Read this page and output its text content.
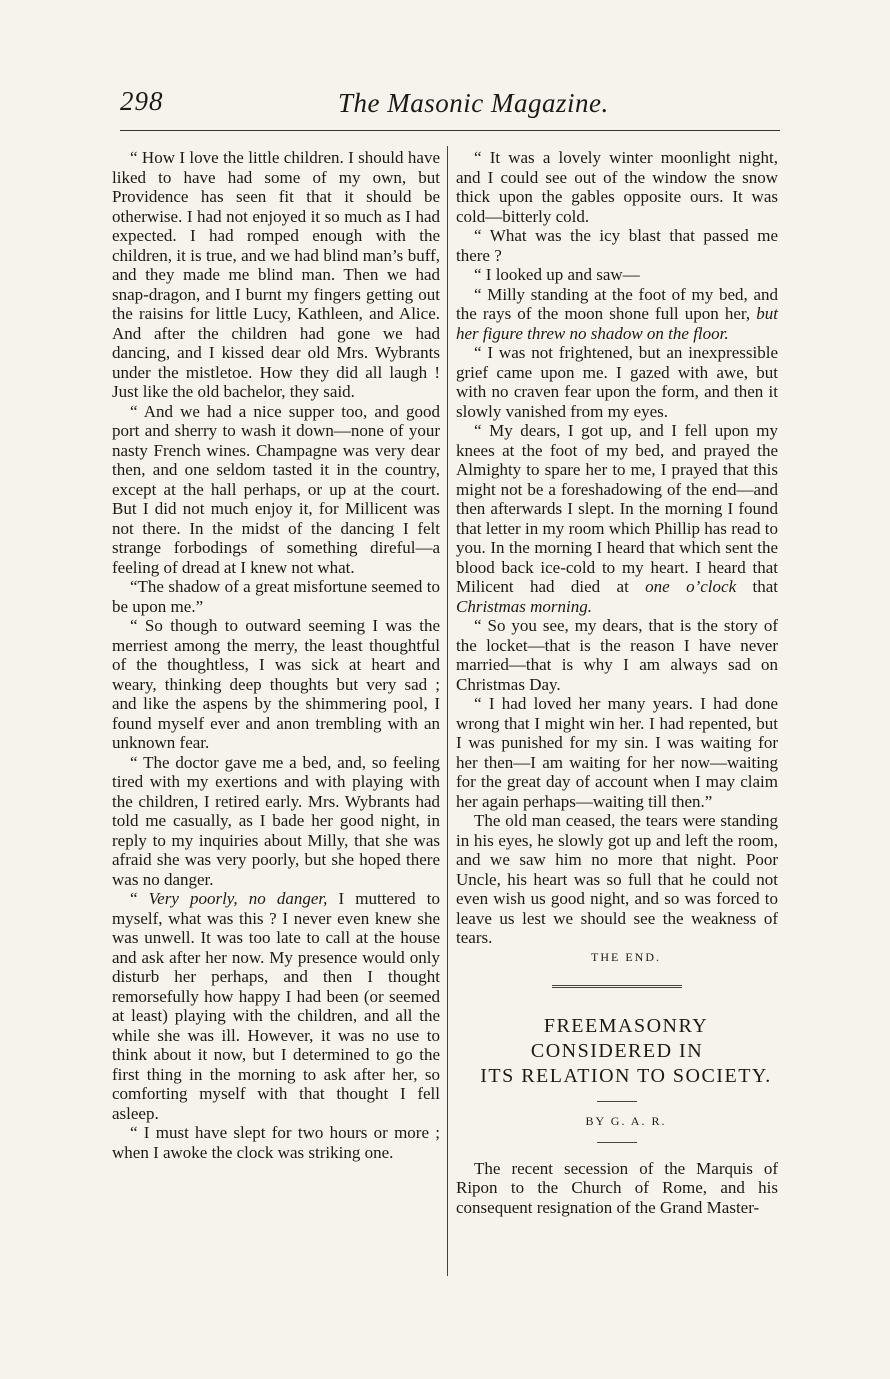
298	The Masonic Magazine.

“ How I love the little children. I should have liked to have had some of my own, but Providence has seen fit that it should be otherwise. I had not enjoyed it so much as I had expected. I had romped enough with the children, it is true, and we had blind man’s buff, and they made me blind man. Then we had snap-dragon, and I burnt my fingers getting out the raisins for little Lucy, Kathleen, and Alice. And after the children had gone we had dancing, and I kissed dear old Mrs. Wybrants under the mistletoe. How they did all laugh ! Just like the old bachelor, they said.

“ And we had a nice supper too, and good port and sherry to wash it down—none of your nasty French wines. Champagne was very dear then, and one seldom tasted it in the country, except at the hall perhaps, or up at the court. But I did not much enjoy it, for Millicent was not there. In the midst of the dancing I felt strange forbodings of something direful—a feeling of dread at I knew not what.

“The shadow of a great misfortune seemed to be upon me.”

“ So though to outward seeming I was the merriest among the merry, the least thoughtful of the thoughtless, I was sick at heart and weary, thinking deep thoughts but very sad ; and like the aspens by the shimmering pool, I found myself ever and anon trembling with an unknown fear.

“ The doctor gave me a bed, and, so feeling tired with my exertions and with playing with the children, I retired early. Mrs. Wybrants had told me casually, as I bade her good night, in reply to my inquiries about Milly, that she was afraid she was very poorly, but she hoped there was no danger.

“ Very poorly, no danger, I muttered to myself, what was this ? I never even knew she was unwell. It was too late to call at the house and ask after her now. My presence would only disturb her perhaps, and then I thought remorsefully how happy I had been (or seemed at least) playing with the children, and all the while she was ill. However, it was no use to think about it now, but I determined to go the first thing in the morning to ask after her, so comforting myself with that thought I fell asleep.

“ I must have slept for two hours or more ; when I awoke the clock was striking one.

“ It was a lovely winter moonlight night, and I could see out of the window the snow thick upon the gables opposite ours. It was cold—bitterly cold.

“ What was the icy blast that passed me there ?

“ I looked up and saw—

“ Milly standing at the foot of my bed, and the rays of the moon shone full upon her, but her figure threw no shadow on the floor.

“ I was not frightened, but an inexpressible grief came upon me. I gazed with awe, but with no craven fear upon the form, and then it slowly vanished from my eyes.

“ My dears, I got up, and I fell upon my knees at the foot of my bed, and prayed the Almighty to spare her to me, I prayed that this might not be a foreshadowing of the end—and then afterwards I slept. In the morning I found that letter in my room which Phillip has read to you. In the morning I heard that which sent the blood back ice-cold to my heart. I heard that Milicent had died at one o’clock that Christmas morning.

“ So you see, my dears, that is the story of the locket—that is the reason I have never married—that is why I am always sad on Christmas Day.

“ I had loved her many years. I had done wrong that I might win her. I had repented, but I was punished for my sin. I was waiting for her then—I am waiting for her now—waiting for the great day of account when I may claim her again perhaps—waiting till then.”

The old man ceased, the tears were standing in his eyes, he slowly got up and left the room, and we saw him no more that night. Poor Uncle, his heart was so full that he could not even wish us good night, and so was forced to leave us lest we should see the weakness of tears.

THE END.

FREEMASONRY CONSIDERED IN

ITS RELATION TO SOCIETY.

BY G. A. R.

The recent secession of the Marquis of Ripon to the Church of Rome, and his consequent resignation of the Grand Master-
